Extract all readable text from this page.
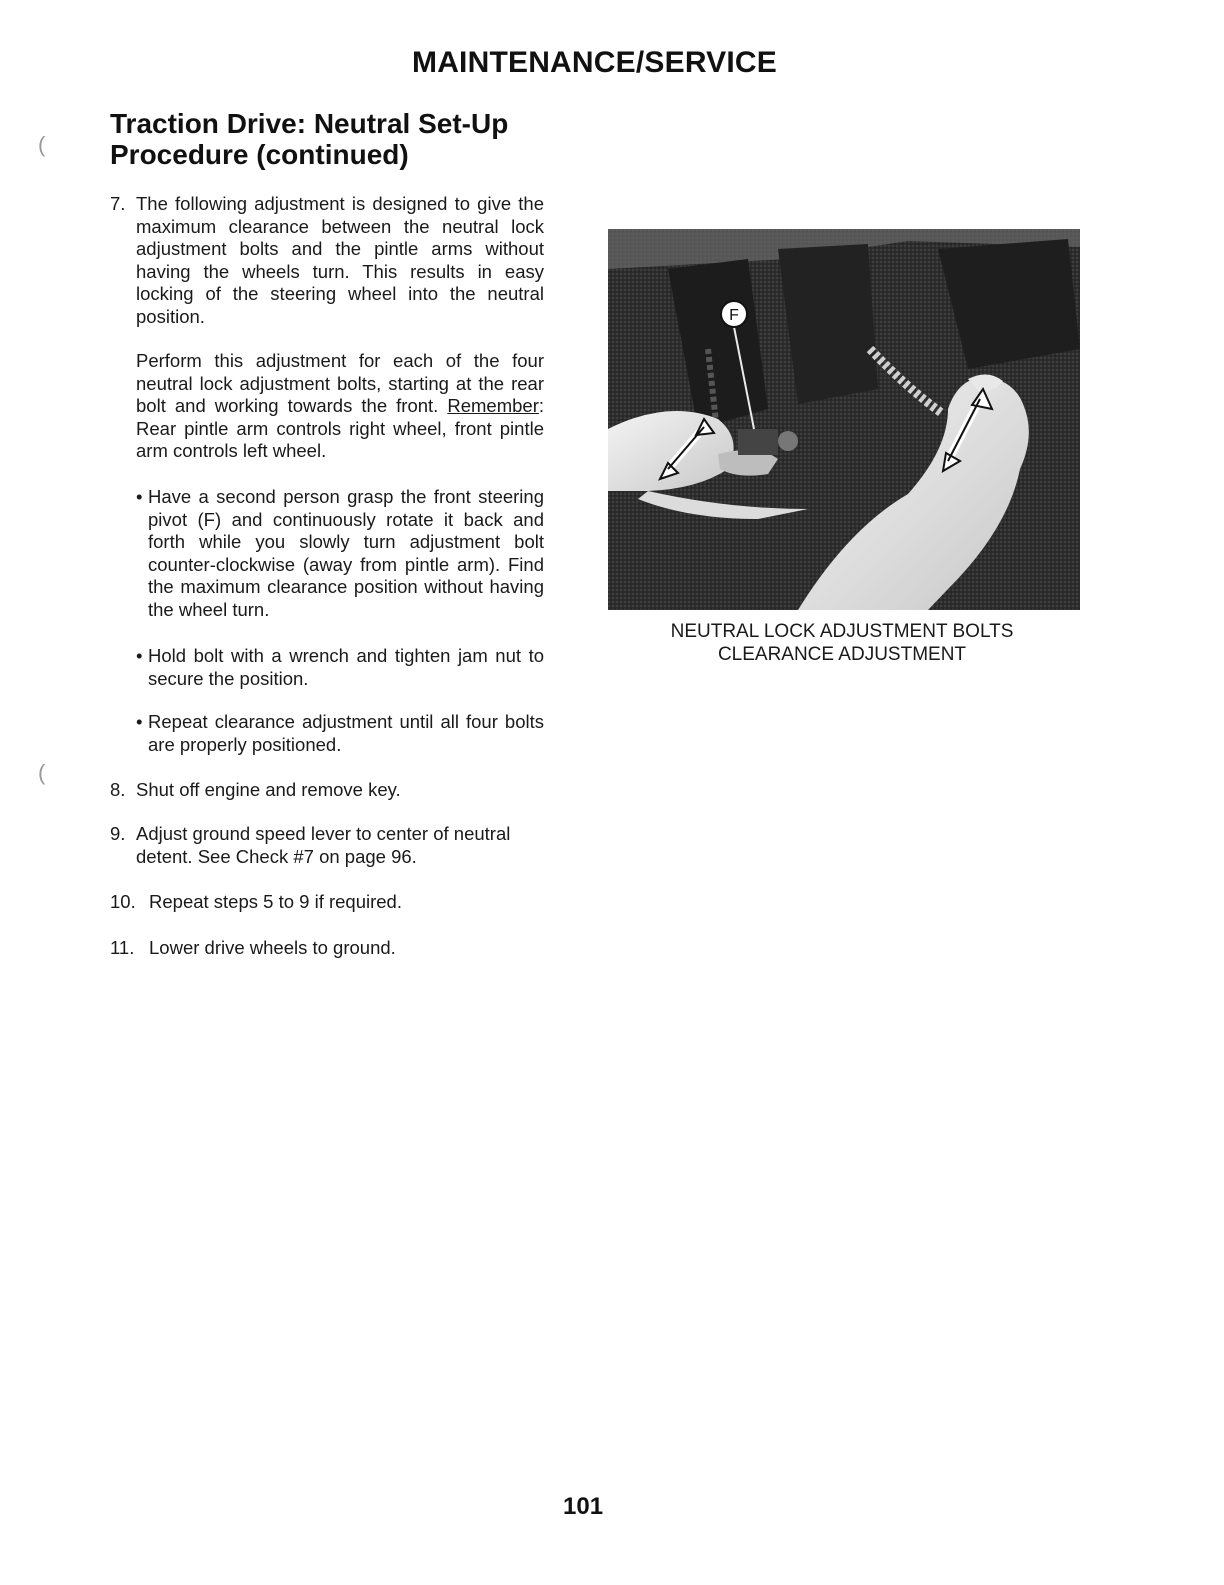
MAINTENANCE/SERVICE
Traction Drive: Neutral Set-Up
Procedure (continued)
7. The following adjustment is designed to give the maximum clearance between the neutral lock adjustment bolts and the pintle arms without having the wheels turn. This results in easy locking of the steering wheel into the neutral position.
Perform this adjustment for each of the four neutral lock adjustment bolts, starting at the rear bolt and working towards the front. Remember: Rear pintle arm controls right wheel, front pintle arm controls left wheel.
• Have a second person grasp the front steering pivot (F) and continuously rotate it back and forth while you slowly turn adjustment bolt counter-clockwise (away from pintle arm). Find the maximum clearance position without having the wheel turn.
• Hold bolt with a wrench and tighten jam nut to secure the position.
• Repeat clearance adjustment until all four bolts are properly positioned.
8. Shut off engine and remove key.
9. Adjust ground speed lever to center of neutral detent. See Check #7 on page 96.
10. Repeat steps 5 to 9 if required.
11. Lower drive wheels to ground.
F
NEUTRAL LOCK ADJUSTMENT BOLTS
CLEARANCE ADJUSTMENT
101
(
(
